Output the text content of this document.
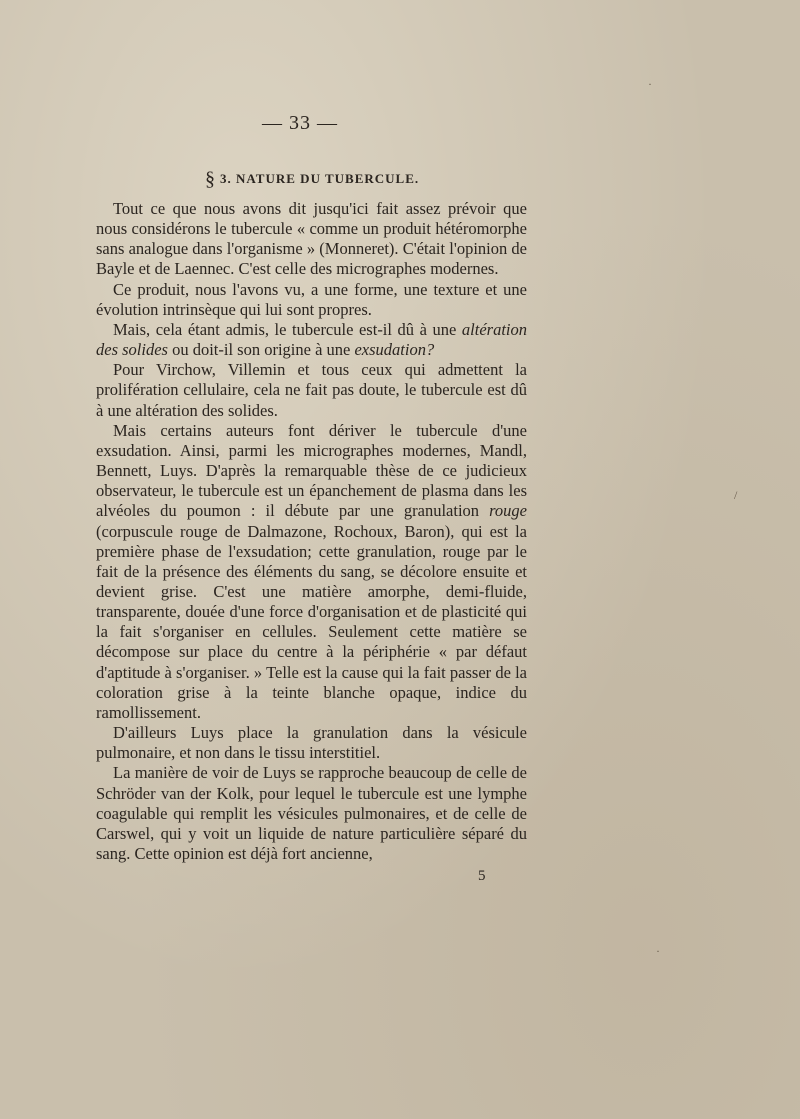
— 33 —
§ 3. NATURE DU TUBERCULE.

Tout ce que nous avons dit jusqu'ici fait assez prévoir que nous considérons le tubercule « comme un produit hétéromorphe sans analogue dans l'organisme » (Monneret). C'était l'opinion de Bayle et de Laennec. C'est celle des micrographes modernes.

Ce produit, nous l'avons vu, a une forme, une texture et une évolution intrinsèque qui lui sont propres.

Mais, cela étant admis, le tubercule est-il dû à une altération des solides ou doit-il son origine à une exsudation?

Pour Virchow, Villemin et tous ceux qui admettent la prolifération cellulaire, cela ne fait pas doute, le tubercule est dû à une altération des solides.

Mais certains auteurs font dériver le tubercule d'une exsudation. Ainsi, parmi les micrographes modernes, Mandl, Bennett, Luys. D'après la remarquable thèse de ce judicieux observateur, le tubercule est un épanchement de plasma dans les alvéoles du poumon : il débute par une granulation rouge (corpuscule rouge de Dalmazone, Rochoux, Baron), qui est la première phase de l'exsudation; cette granulation, rouge par le fait de la présence des éléments du sang, se décolore ensuite et devient grise. C'est une matière amorphe, demi-fluide, transparente, douée d'une force d'organisation et de plasticité qui la fait s'organiser en cellules. Seulement cette matière se décompose sur place du centre à la périphérie « par défaut d'aptitude à s'organiser. » Telle est la cause qui la fait passer de la coloration grise à la teinte blanche opaque, indice du ramollissement.

D'ailleurs Luys place la granulation dans la vésicule pulmonaire, et non dans le tissu interstitiel.

La manière de voir de Luys se rapproche beaucoup de celle de Schröder van der Kolk, pour lequel le tubercule est une lymphe coagulable qui remplit les vésicules pulmonaires, et de celle de Carswel, qui y voit un liquide de nature particulière séparé du sang. Cette opinion est déjà fort ancienne,

5
·
/
·
